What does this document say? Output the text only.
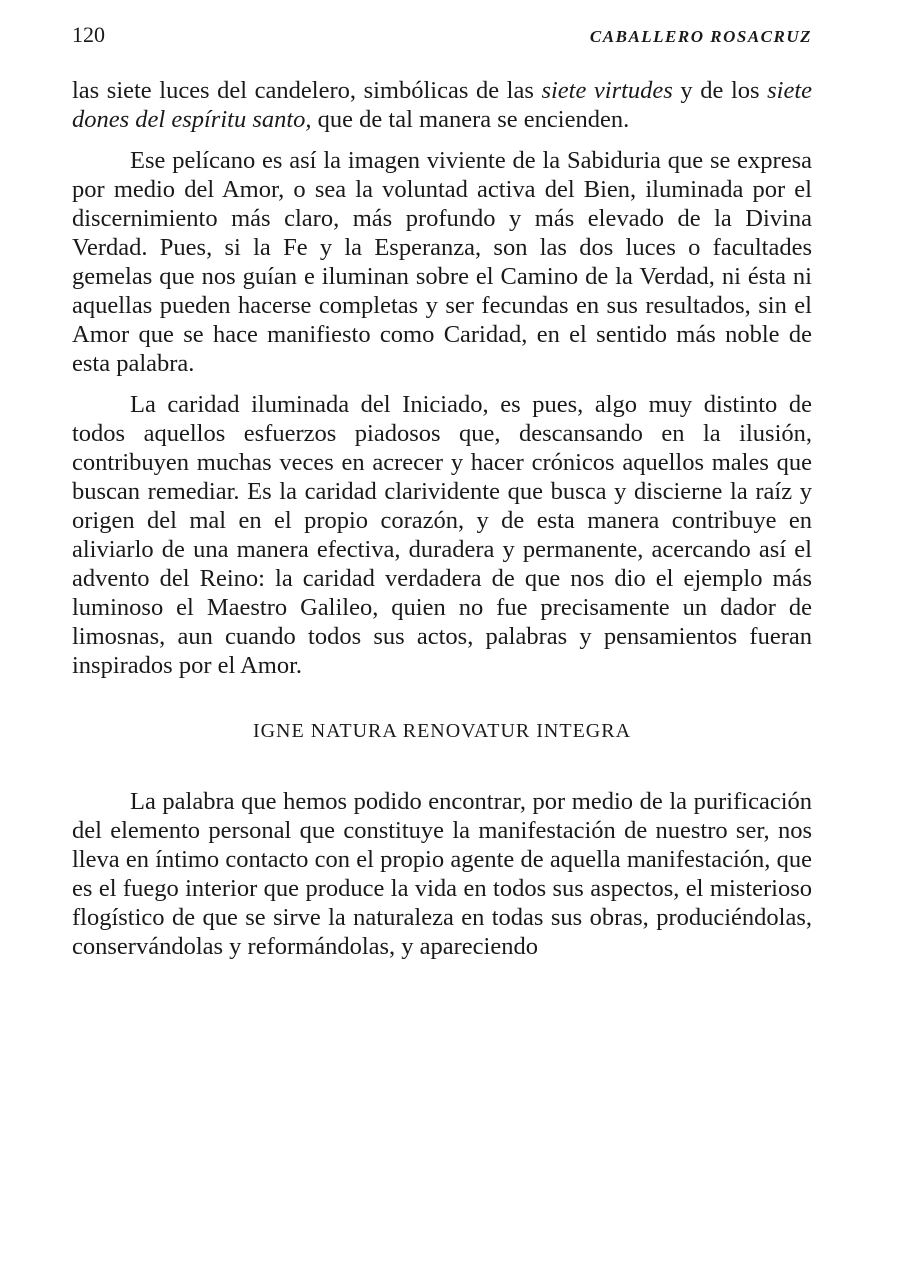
120	CABALLERO ROSACRUZ

las siete luces del candelero, simbólicas de las siete virtudes y de los siete dones del espíritu santo, que de tal manera se encienden.

Ese pelícano es así la imagen viviente de la Sabiduria que se expresa por medio del Amor, o sea la voluntad activa del Bien, iluminada por el discernimiento más claro, más profundo y más elevado de la Divina Verdad. Pues, si la Fe y la Esperanza, son las dos luces o facultades gemelas que nos guían e iluminan sobre el Camino de la Verdad, ni ésta ni aquellas pueden hacerse completas y ser fecundas en sus resultados, sin el Amor que se hace manifiesto como Caridad, en el sentido más noble de esta palabra.

La caridad iluminada del Iniciado, es pues, algo muy distinto de todos aquellos esfuerzos piadosos que, descansando en la ilusión, contribuyen muchas veces en acrecer y hacer crónicos aquellos males que buscan remediar. Es la caridad clarividente que busca y discierne la raíz y origen del mal en el propio corazón, y de esta manera contribuye en aliviarlo de una manera efectiva, duradera y permanente, acercando así el advento del Reino: la caridad verdadera de que nos dio el ejemplo más luminoso el Maestro Galileo, quien no fue precisamente un dador de limosnas, aun cuando todos sus actos, palabras y pensamientos fueran inspirados por el Amor.

IGNE NATURA RENOVATUR INTEGRA

La palabra que hemos podido encontrar, por medio de la purificación del elemento personal que constituye la manifestación de nuestro ser, nos lleva en íntimo contacto con el propio agente de aquella manifestación, que es el fuego interior que produce la vida en todos sus aspectos, el misterioso flogístico de que se sirve la naturaleza en todas sus obras, produciéndolas, conservándolas y reformándolas, y apareciendo
